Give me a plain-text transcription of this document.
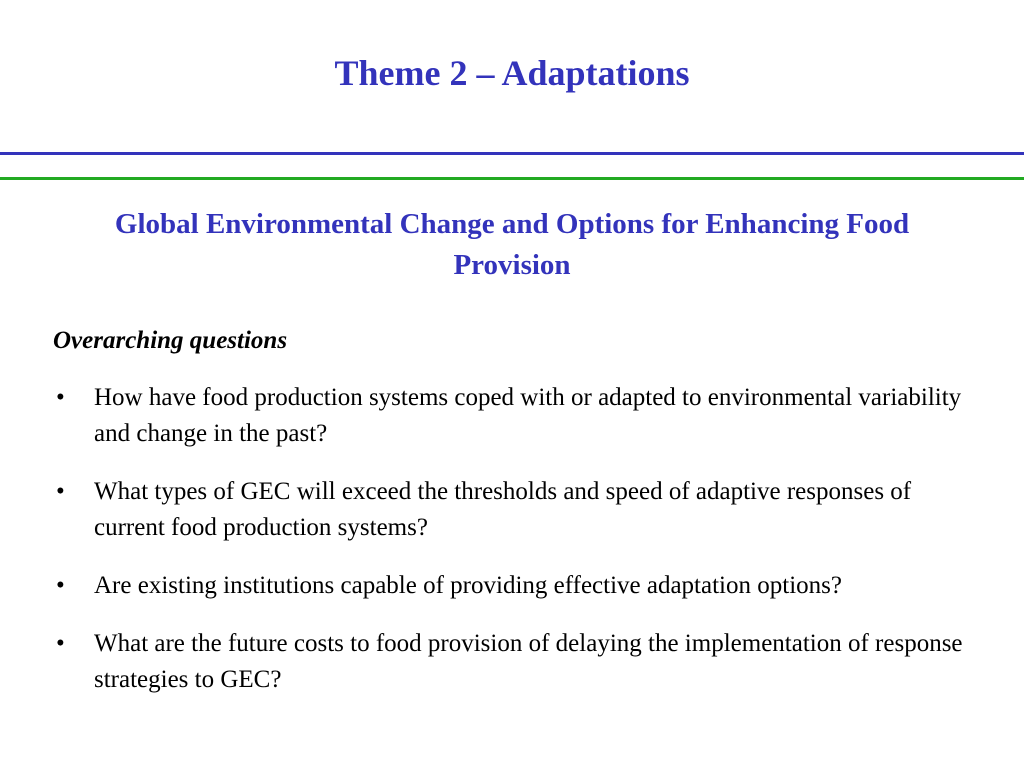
Theme 2 – Adaptations
Global Environmental Change and Options for Enhancing Food Provision
Overarching questions
• How have food production systems coped with or adapted to environmental variability and change in the past?
• What types of GEC will exceed the thresholds and speed of adaptive responses of current food production systems?
• Are existing institutions capable of providing effective adaptation options?
• What are the future costs to food provision of delaying the implementation of response strategies to GEC?
